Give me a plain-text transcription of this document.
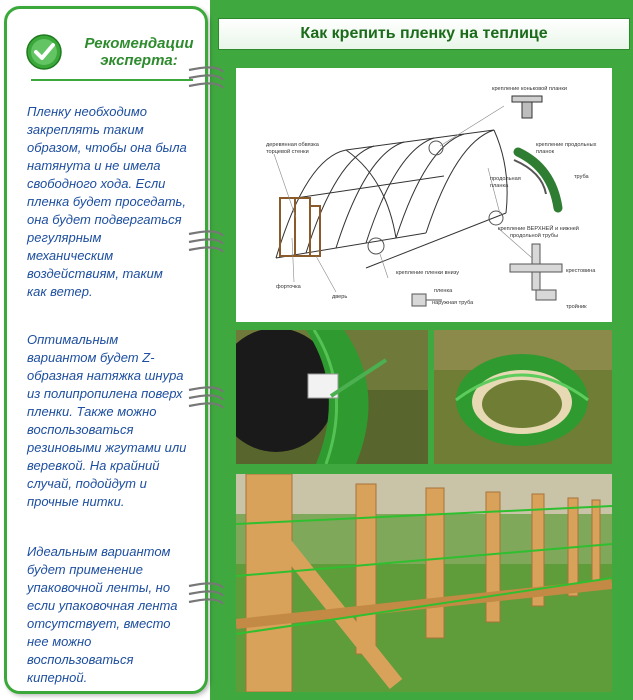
Рекомендации
эксперта:

Пленку необходимо
закреплять таким
образом, чтобы она была
натянута и не имела
свободного хода. Если
пленка будет проседать,
она будет подвергаться
регулярным
механическим
воздействиям, таким
как ветер.

Оптимальным
вариантом будет Z-
образная натяжка шнура
из полипропилена поверх
пленки. Также можно
воспользоваться
резиновыми жгутами или
веревкой. На крайний
случай, подойдут и
прочные нитки.

Идеальным вариантом
будет применение
упаковочной ленты, но
если упаковочная лента
отсутствует, вместо
нее можно
воспользоваться
киперной.

Как крепить пленку на теплице
крепление коньковой планки
деревянная обвязка
торцевой стенки
крепление продольных
планок
труба
продольная
планка
форточка
дверь
крепление пленки внизу
крепление ВЕРХНЕЙ и нижней
продольной трубы
крестовина
пленка
наружная труба
тройник
